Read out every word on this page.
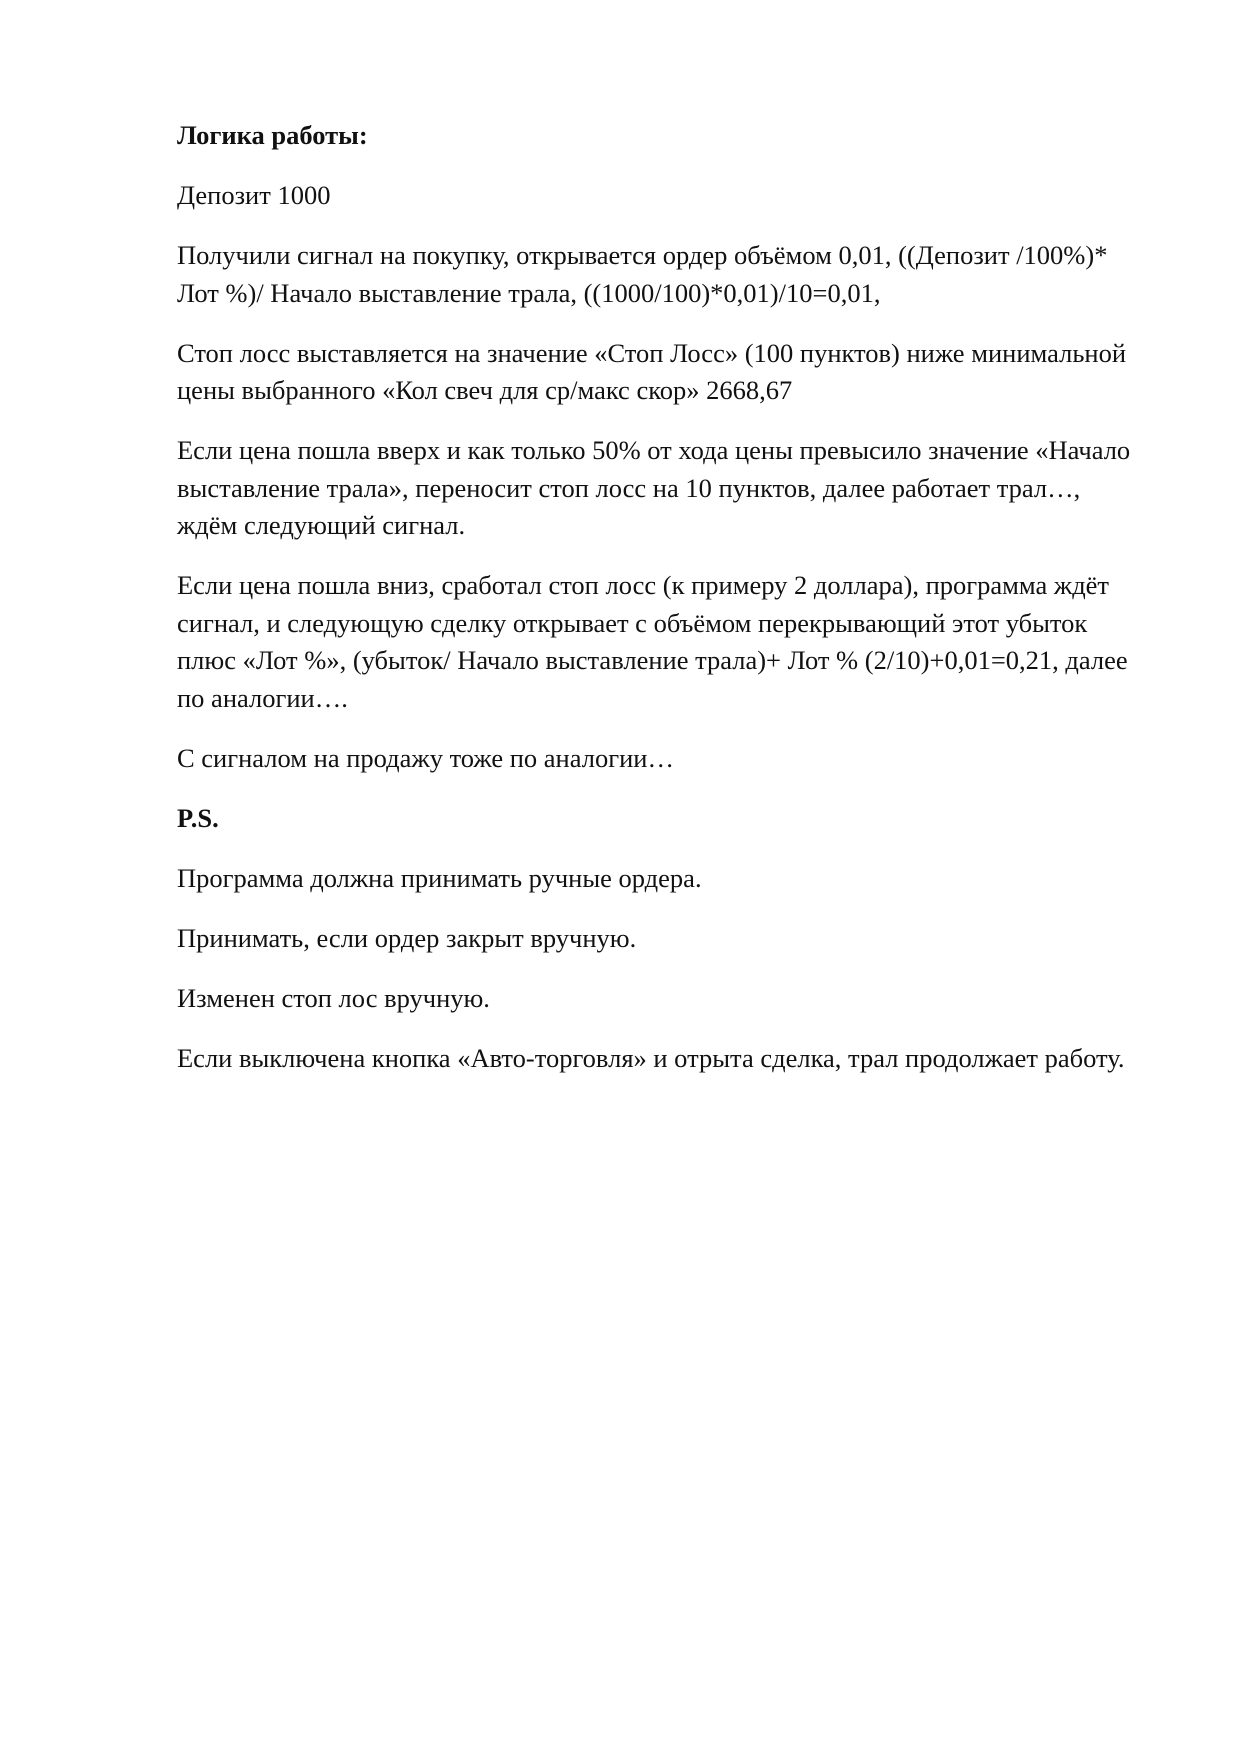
Логика работы:

Депозит 1000

Получили сигнал на покупку, открывается ордер объёмом 0,01, ((Депозит /100%)* Лот %)/ Начало выставление трала, ((1000/100)*0,01)/10=0,01,

Стоп лосс выставляется на значение «Стоп Лосс» (100 пунктов) ниже минимальной цены выбранного «Кол свеч для ср/макс скор» 2668,67

Если цена пошла вверх и как только 50% от хода цены превысило значение «Начало выставление трала», переносит стоп лосс на 10 пунктов, далее работает трал…, ждём следующий сигнал.

Если цена пошла вниз, сработал стоп лосс (к примеру 2 доллара), программа ждёт сигнал, и следующую сделку открывает с объёмом перекрывающий этот убыток плюс «Лот %», (убыток/ Начало выставление трала)+ Лот % (2/10)+0,01=0,21, далее по аналогии….

С сигналом на продажу тоже по аналогии…

P.S.

Программа должна принимать ручные ордера.

Принимать, если ордер закрыт вручную.

Изменен стоп лос вручную.

Если выключена кнопка «Авто-торговля» и отрыта сделка, трал продолжает работу.
